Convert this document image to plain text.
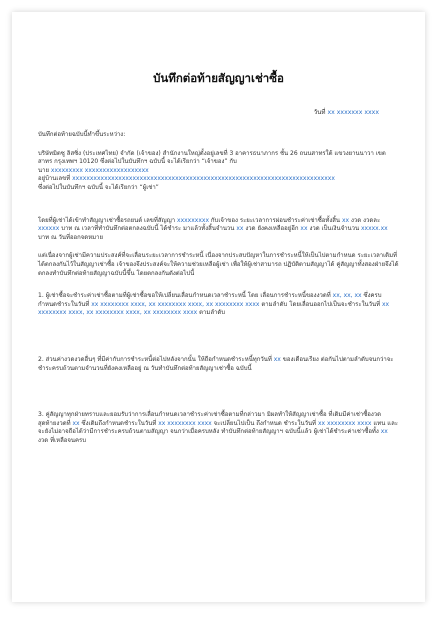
บันทึกต่อท้ายสัญญาเช่าซื้อ
วันที่ xx xxxxxxx xxxx

บันทึกต่อท้ายฉบับนี้ทำขึ้นระหว่าง:

บริษัทมิตซู ลิสซิ่ง (ประเทศไทย) จำกัด (เจ้าของ) สำนักงานใหญ่ตั้งอยู่เลขที่ 3 อาคารธนาภากร ชั้น 26 ถนนสาทรใต้ แขวงยานนาวา เขตสาทร กรุงเทพฯ 10120 ซึ่งต่อไปในบันทึกฯ ฉบับนี้ จะได้เรียกว่า “เจ้าของ” กับ
นาย xxxxxxxxx xxxxxxxxxxxxxxxxxx
อยู่บ้านเลขที่ xxxxxxxxxxxxxxxxxxxxxxxxxxxxxxxxxxxxxxxxxxxxxxxxxxxxxxxxxxxxxxxxxxxxxxxxxx
ซึ่งต่อไปในบันทึกฯ ฉบับนี้ จะได้เรียกว่า “ผู้เช่า”

โดยที่ผู้เช่าได้เข้าทำสัญญาเช่าซื้อรถยนต์ เลขที่สัญญา xxxxxxxxx กับเจ้าของ ระยะเวลาการผ่อนชำระค่าเช่าซื้อทั้งสิ้น xx งวด งวดละ xxxxxx บาท ณ เวลาที่ทำบันทึกต่อตกลงฉบับนี้ ได้ชำระ มาแล้วทั้งสิ้นจำนวน xx งวด ยังคงเหลืออยู่อีก xx งวด เป็นเงินจำนวน xxxxx.xx บาท ณ วันที่ออกจดหมาย

แต่เนื่องจากผู้เช่ามีความประสงค์ที่จะเลื่อนระยะเวลาการชำระหนี้ เนื่องจากประสบปัญหาในการชำระหนี้ให้เป็นไปตามกำหนด ระยะเวลาเดิมที่ได้ตกลงกันไว้ในสัญญาเช่าซื้อ เจ้าของจึงประสงค์จะให้ความช่วยเหลือผู้เช่า เพื่อให้ผู้เช่าสามารถ ปฏิบัติตามสัญญาได้ คู่สัญญาทั้งสองฝ่ายจึงได้ตกลงทำบันทึกต่อท้ายสัญญาฉบับนี้ขึ้น โดยตกลงกันดังต่อไปนี้

1. ผู้เช่าซื้อจะชำระค่าเช่าซื้อตามที่ผู้เช่าซื้อขอให้เปลี่ยนเลื่อนกำหนดเวลาชำระหนี้ โดย เลื่อนการชำระหนี้ของงวดที่ xx, xx, xx ซึ่งครบกำหนดชำระในวันที่ xx xxxxxxxx xxxx, xx xxxxxxxx xxxx, xx xxxxxxxx xxxx ตามลำดับ โดยเลื่อนออกไปเป็นจะชำระในวันที่ xx xxxxxxxx xxxx, xx xxxxxxxx xxxx, xx xxxxxxxx xxxx ตามลำดับ

2. ส่วนค่างวดงวดอื่นๆ ที่มีค่ากับการชำระหนี้ต่อไปหลังจากนั้น ให้ถือกำหนดชำระหนี้ทุกวันที่ xx ของเดือนเรียง ต่อกันไปตามลำดับจนกว่าจะชำระครบถ้วนตามจำนวนที่ยังคงเหลืออยู่ ณ วันทำบันทึกต่อท้ายสัญญาเช่าซื้อ ฉบับนี้

3. คู่สัญญาทุกฝ่ายทราบและยอมรับว่าการเลื่อนกำหนดเวลาชำระค่าเช่าซื้อตามที่กล่าวมา มิผลทำให้สัญญาเช่าซื้อ ที่เดิมมีค่าเช่าซื้องวดสุดท้ายงวดที่ xx ซึ่งเดิมถึงกำหนดชำระในวันที่ xx xxxxxxxx xxxx จะเปลี่ยนไปเป็น ถึงกำหนด ชำระในวันที่ xx xxxxxxxx xxxx แทน และจะยังไม่อาจถือได้ว่ามีการชำระครบถ้วนตามสัญญา จนกว่าเมื่อครบหลัง ทำบันทึกต่อท้ายสัญญาฯ ฉบับนี้แล้ว ผู้เช่าได้ชำระค่าเช่าซื้อทั้ง xx งวด ที่เหลือจนครบ
